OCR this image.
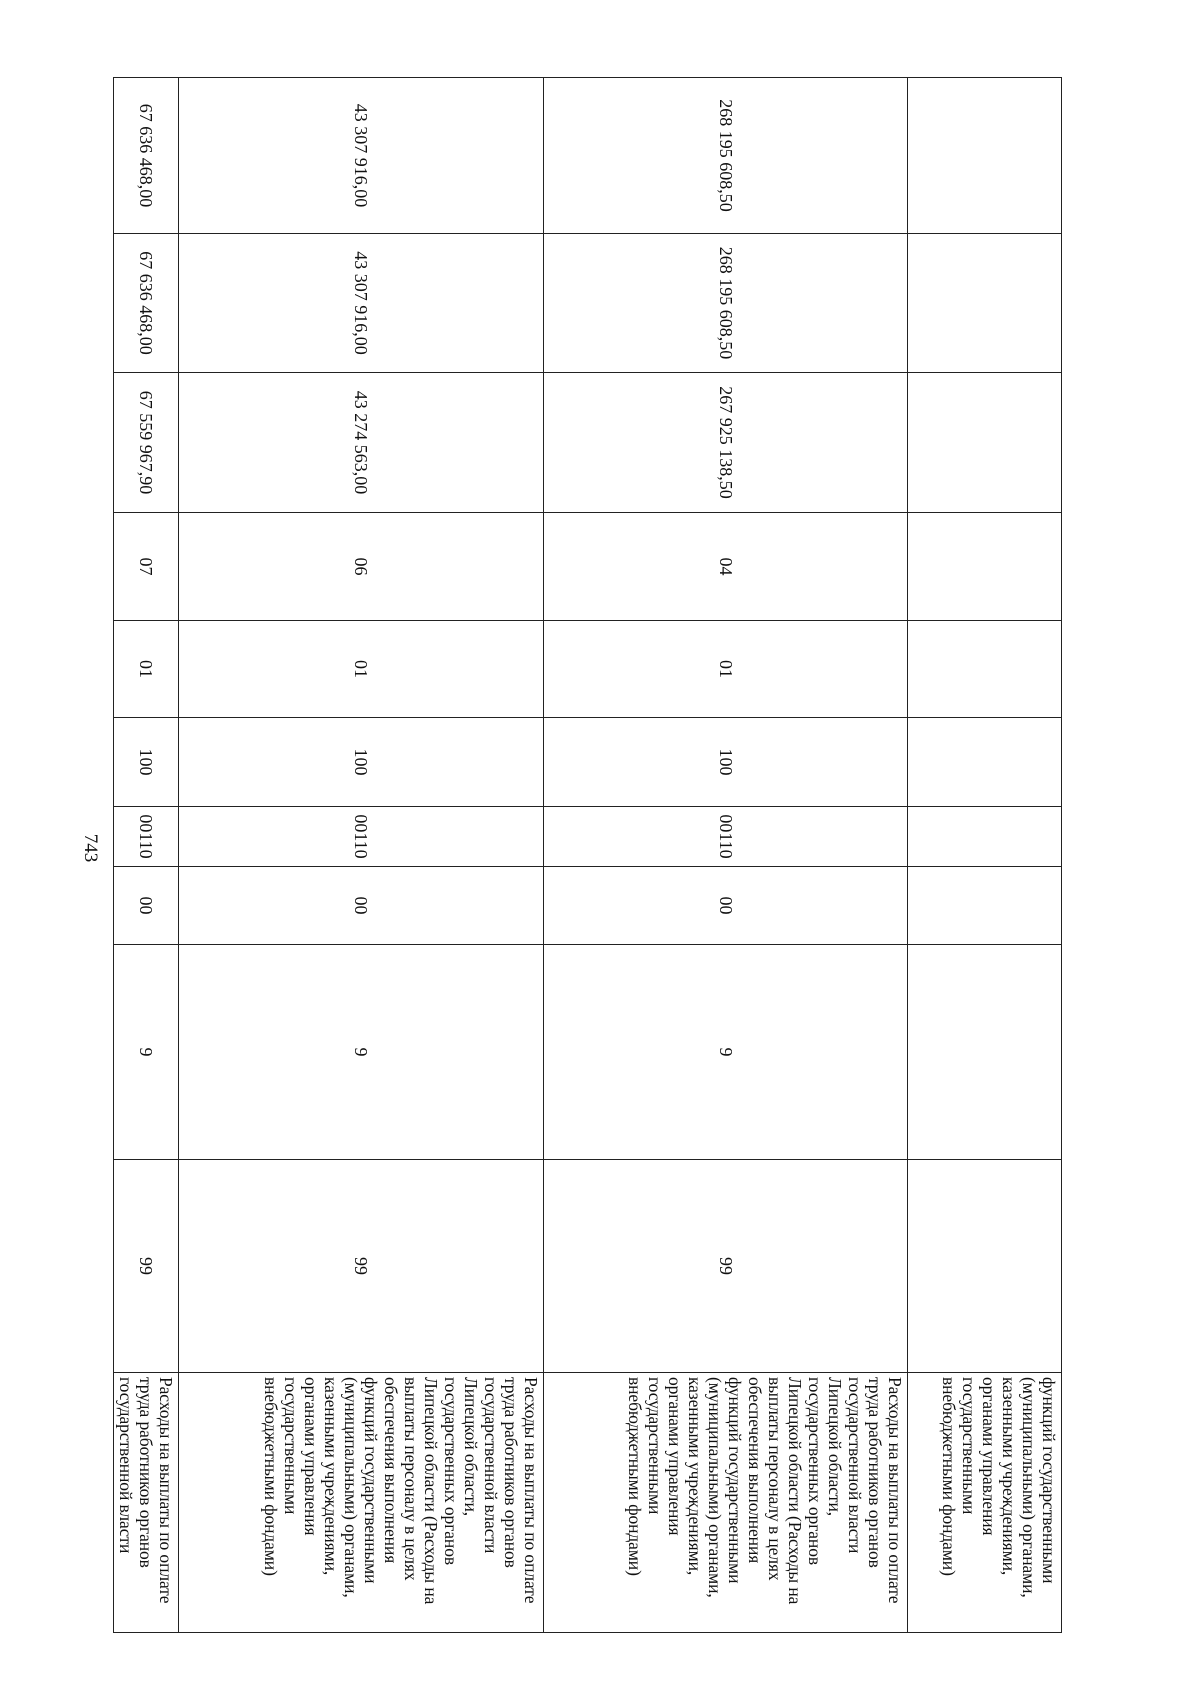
743
										функций государственными (муниципальными) органами, казенными учреждениями, органами управления государственными внебюджетными фондами)
268 195 608,50	268 195 608,50	267 925 138,50	04	01	100	00110	00	9	99	Расходы на выплаты по оплате труда работников органов государственной власти Липецкой области, государственных органов Липецкой области (Расходы на выплаты персоналу в целях обеспечения выполнения функций государственными (муниципальными) органами, казенными учреждениями, органами управления государственными внебюджетными фондами)
43 307 916,00	43 307 916,00	43 274 563,00	06	01	100	00110	00	9	99	Расходы на выплаты по оплате труда работников органов государственной власти Липецкой области, государственных органов Липецкой области (Расходы на выплаты персоналу в целях обеспечения выполнения функций государственными (муниципальными) органами, казенными учреждениями, органами управления государственными внебюджетными фондами)
67 636 468,00	67 636 468,00	67 559 967,90	07	01	100	00110	00	9	99	Расходы на выплаты по оплате труда работников органов государственной власти
